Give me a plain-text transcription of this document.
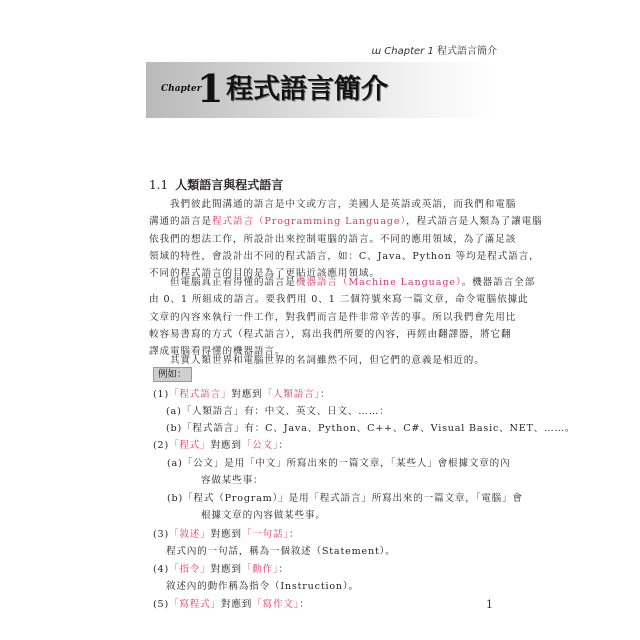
ɯ Chapter 1 程式語言簡介
Chapter
1 程式語言簡介
1.1 人類語言與程式語言

　　我們彼此間溝通的語言是中文或方言，美國人是英語或英語，而我們和電腦

溝通的語言是程式語言（Programming Language），程式語言是人類為了讓電腦

依我們的想法工作，所設計出來控制電腦的語言。不同的應用領域，為了滿足該

領域的特性，會設計出不同的程式語言，如：C、Java、Python 等均是程式語言，

不同的程式語言的目的是為了更貼近該應用領域。

　　但電腦真正看得懂的語言是機器語言（Machine Language）。機器語言全部

由 0、1 所組成的語言。要我們用 0、1 二個符號來寫一篇文章，命令電腦依據此

文章的內容來執行一件工作，對我們而言是件非常辛苦的事。所以我們會先用比

較容易書寫的方式（程式語言），寫出我們所要的內容，再經由翻譯器，將它翻

譯成電腦看得懂的機器語言。

　　其實人類世界和電腦世界的名詞雖然不同，但它們的意義是相近的。

例如：
(1)「程式語言」對應到「人類語言」：
(a)「人類語言」有：中文、英文、日文、……：
(b)「程式語言」有：C、Java、Python、C++、C#、Visual Basic、NET、……。
(2)「程式」對應到「公文」：
(a)「公文」是用「中文」所寫出來的一篇文章，「某些人」會根據文章的內
容做某些事：
(b)「程式（Program）」是用「程式語言」所寫出來的一篇文章，「電腦」會
根據文章的內容做某些事。
(3)「敘述」對應到「一句話」：
程式內的一句話，稱為一個敘述（Statement）。
(4)「指令」對應到「動作」：
敘述內的動作稱為指令（Instruction）。
(5)「寫程式」對應到「寫作文」：	1
